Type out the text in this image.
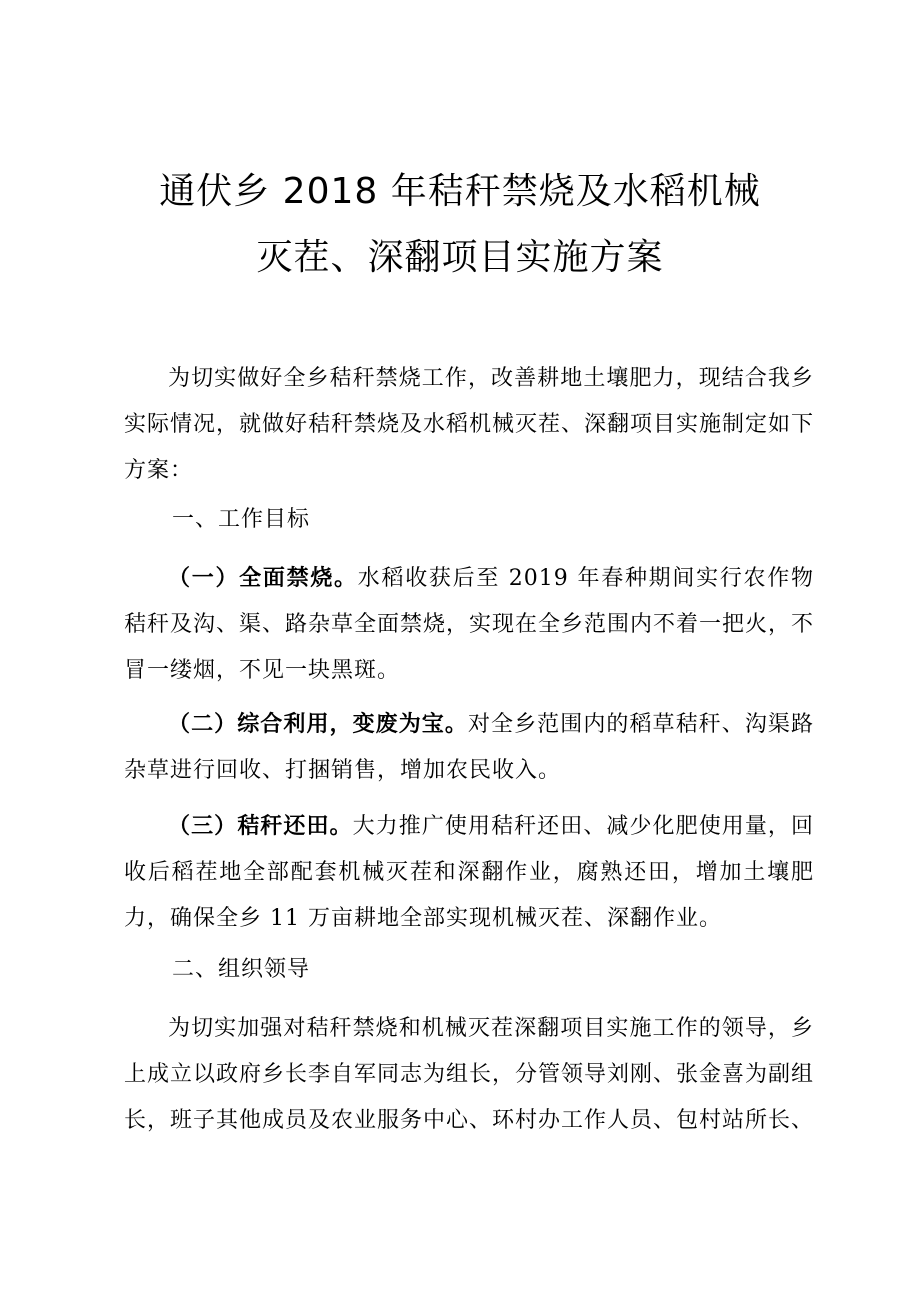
通伏乡 2018 年秸秆禁烧及水稻机械
灭茬、深翻项目实施方案
为切实做好全乡秸秆禁烧工作，改善耕地土壤肥力，现结合我乡实际情况，就做好秸秆禁烧及水稻机械灭茬、深翻项目实施制定如下方案：
一、工作目标
（一）全面禁烧。水稻收获后至 2019 年春种期间实行农作物秸秆及沟、渠、路杂草全面禁烧，实现在全乡范围内不着一把火，不冒一缕烟，不见一块黑斑。
（二）综合利用，变废为宝。对全乡范围内的稻草秸秆、沟渠路杂草进行回收、打捆销售，增加农民收入。
（三）秸秆还田。大力推广使用秸秆还田、减少化肥使用量，回收后稻茬地全部配套机械灭茬和深翻作业，腐熟还田，增加土壤肥力，确保全乡 11 万亩耕地全部实现机械灭茬、深翻作业。
二、组织领导
为切实加强对秸秆禁烧和机械灭茬深翻项目实施工作的领导，乡上成立以政府乡长李自军同志为组长，分管领导刘刚、张金喜为副组长，班子其他成员及农业服务中心、环村办工作人员、包村站所长、
